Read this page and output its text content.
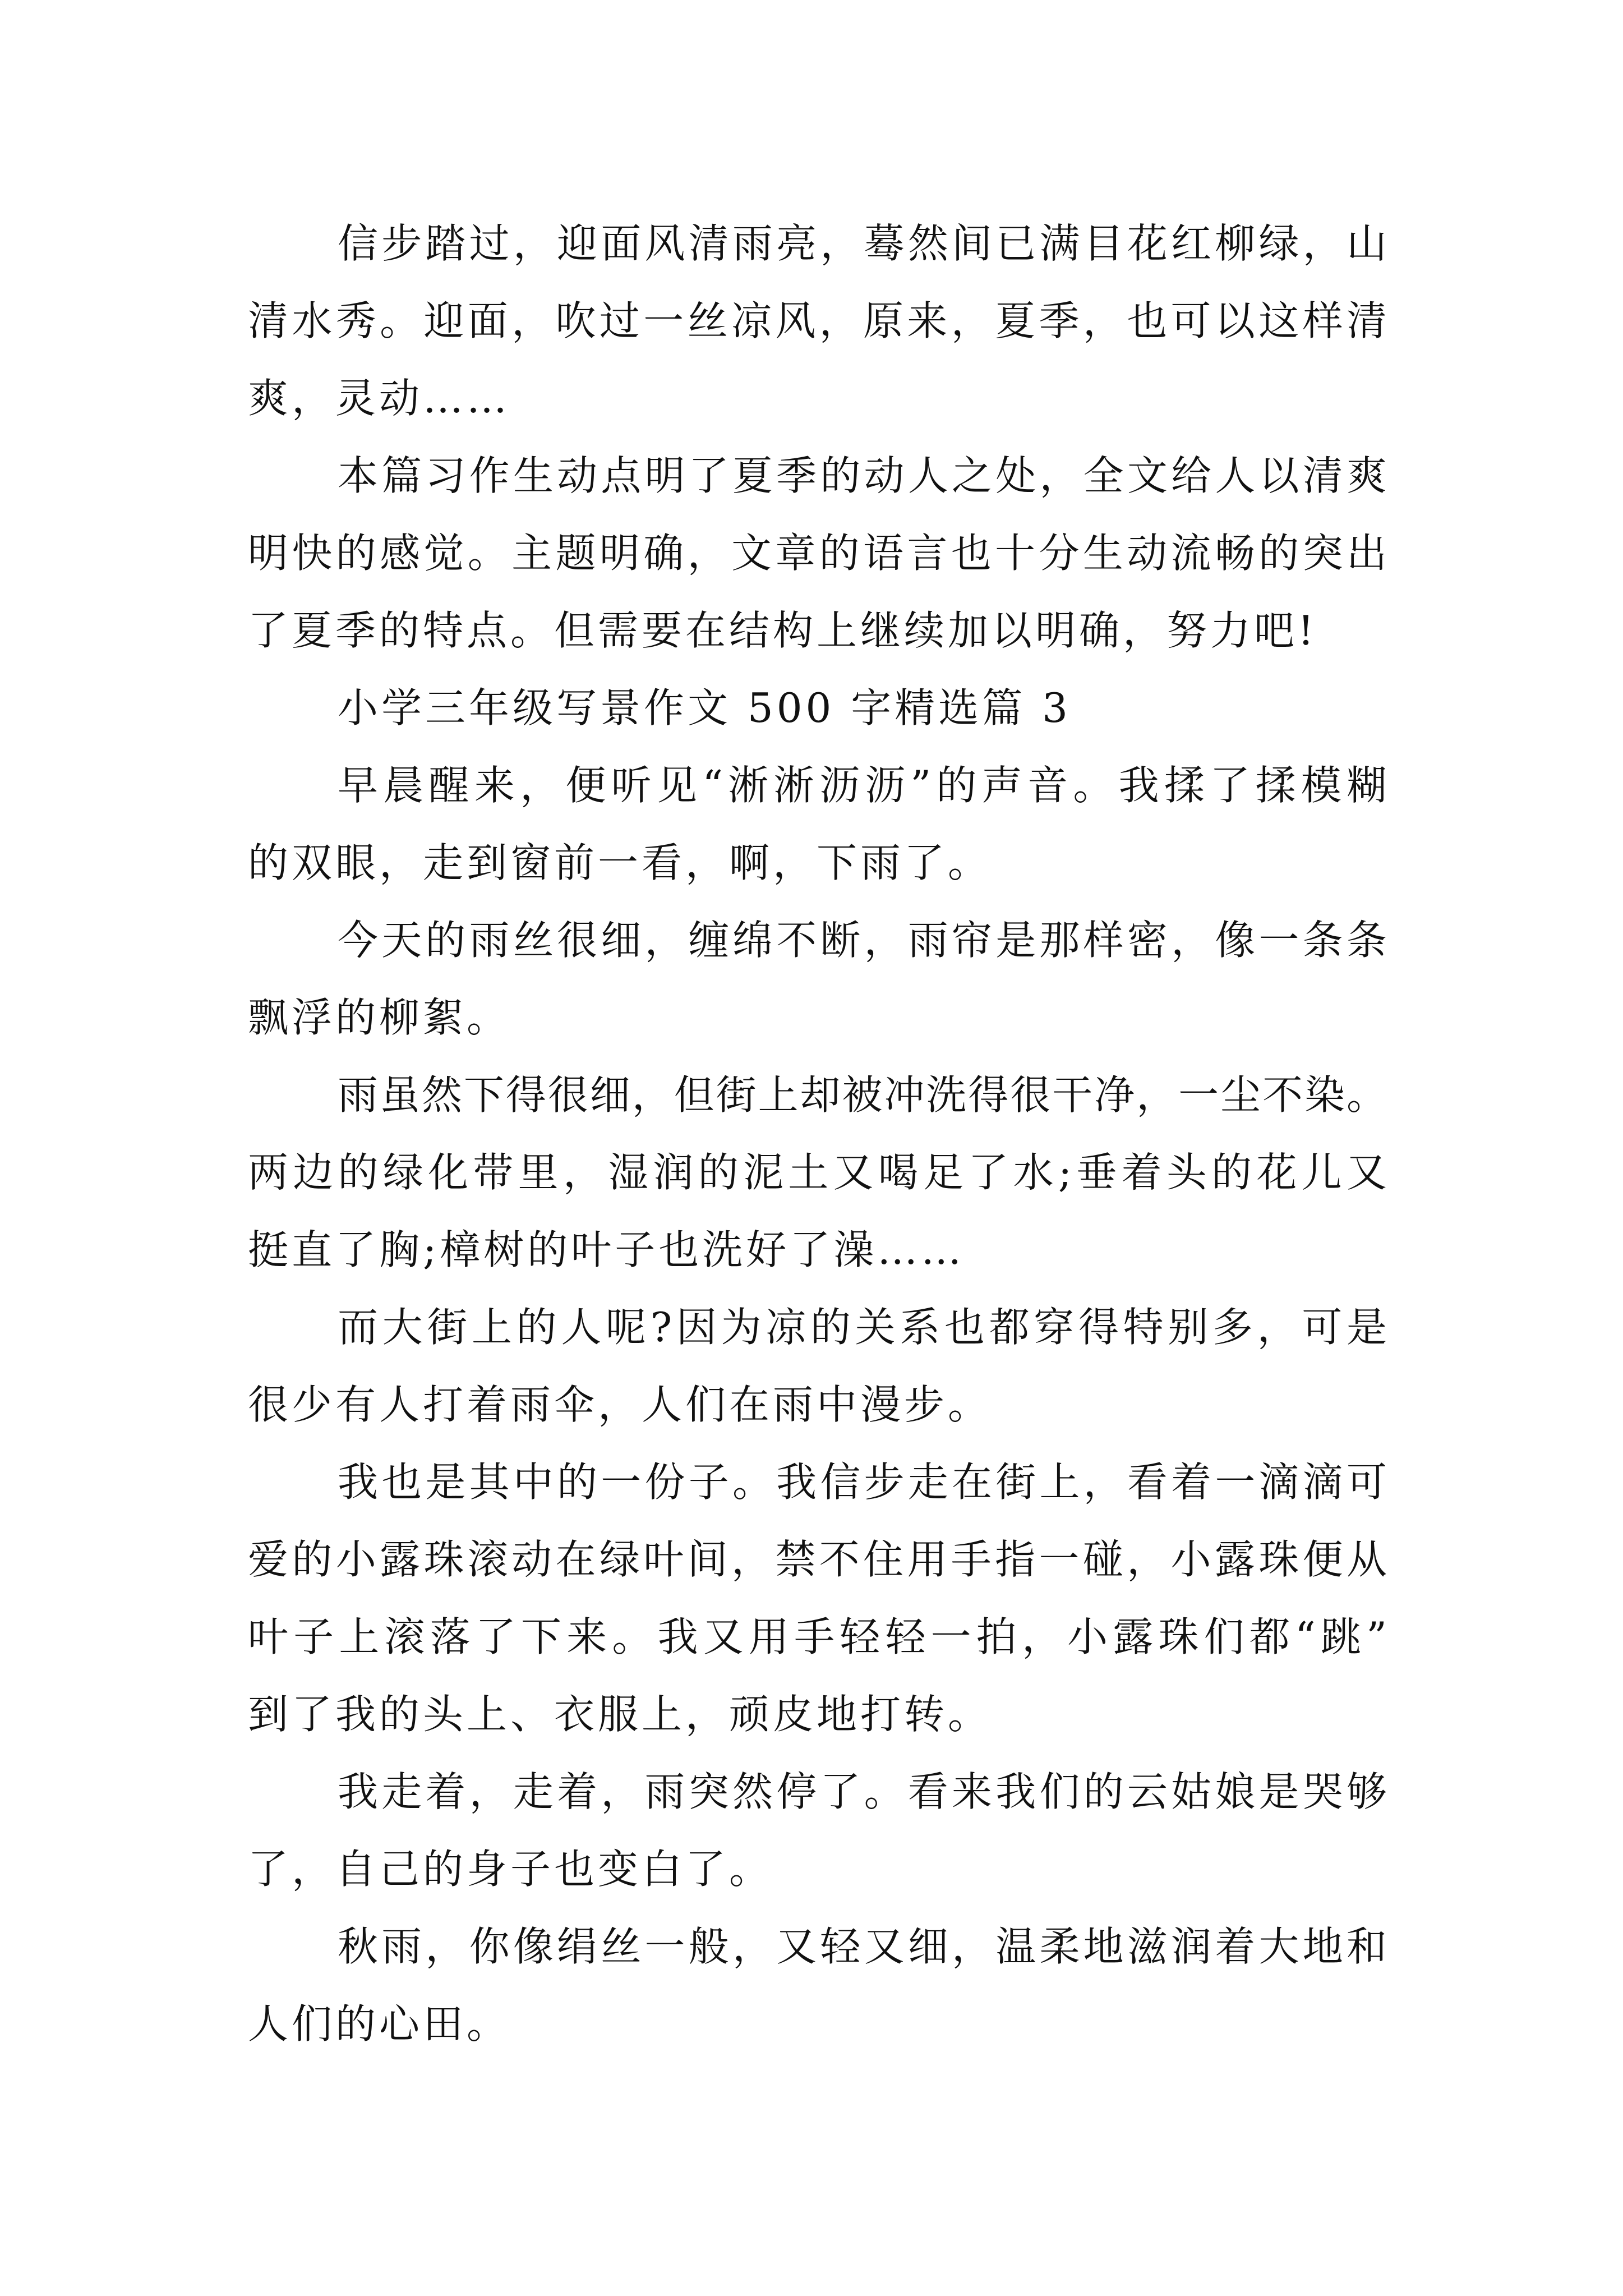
信步踏过，迎面风清雨亮，蓦然间已满目花红柳绿，山
清水秀。迎面，吹过一丝凉风，原来，夏季，也可以这样清
爽，灵动……
本篇习作生动点明了夏季的动人之处，全文给人以清爽
明快的感觉。主题明确，文章的语言也十分生动流畅的突出
了夏季的特点。但需要在结构上继续加以明确，努力吧!
小学三年级写景作文 500 字精选篇 3
早晨醒来，便听见“淅淅沥沥”的声音。我揉了揉模糊
的双眼，走到窗前一看，啊，下雨了。
今天的雨丝很细，缠绵不断，雨帘是那样密，像一条条
飘浮的柳絮。
雨虽然下得很细，但街上却被冲洗得很干净，一尘不染。
两边的绿化带里，湿润的泥土又喝足了水;垂着头的花儿又
挺直了胸;樟树的叶子也洗好了澡……
而大街上的人呢?因为凉的关系也都穿得特别多，可是
很少有人打着雨伞，人们在雨中漫步。
我也是其中的一份子。我信步走在街上，看着一滴滴可
爱的小露珠滚动在绿叶间，禁不住用手指一碰，小露珠便从
叶子上滚落了下来。我又用手轻轻一拍，小露珠们都“跳”
到了我的头上、衣服上，顽皮地打转。
我走着，走着，雨突然停了。看来我们的云姑娘是哭够
了，自己的身子也变白了。
秋雨，你像绢丝一般，又轻又细，温柔地滋润着大地和
人们的心田。
